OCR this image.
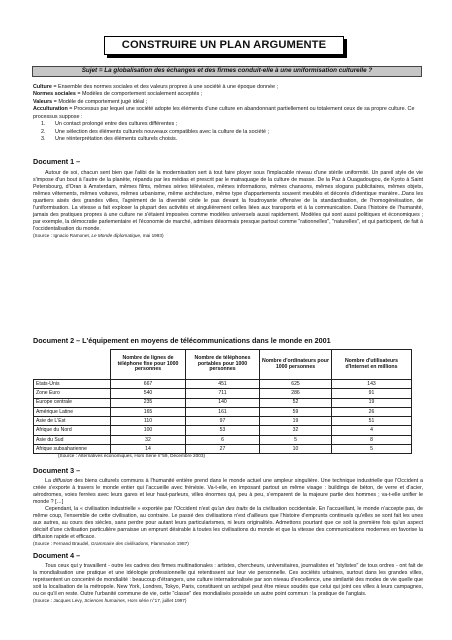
CONSTRUIRE UN PLAN ARGUMENTE
Sujet = La globalisation des échanges et des firmes conduit-elle à une uniformisation culturelle ?
Culture = Ensemble des normes sociales et des valeurs propres à une société à une époque donnée ;
Normes sociales = Modèles de comportement socialement acceptés ;
Valeurs = Modèle de comportement jugé idéal ;
Acculturation = Processus par lequel une société adopte les éléments d'une culture en abandonnant partiellement ou totalement ceux de sa propre culture. Ce processus suppose :
1. Un contact prolongé entre des cultures différentes ;
2. Une sélection des éléments culturels nouveaux compatibles avec la culture de la société ;
3. Une réinterprétation des éléments culturels choisis.
Document 1 –
Autour de soi, chacun sent bien que l'alibi de la modernisation sert à tout faire ployer sous l'implacable niveau d'une stérile uniformité. Un pareil style de vie s'impose d'un bout à l'autre de la planète, répandu par les médias et prescrit par le matraquage de la culture de masse. De la Paz à Ouagadougou, de Kyoto à Saint Petersbourg, d'Oran à Amsterdam, mêmes films, mêmes séries télévisées, mêmes informations, mêmes chansons, mêmes slogans publicitaires, mêmes objets, mêmes vêtements, mêmes voitures, mêmes urbanisme, même architecture, même type d'appartements souvent meublés et décorés d'identique manière...Dans les quartiers aisés des grandes villes, l'agrément de la diversité cède le pas devant la foudroyante offensive de la standardisation, de l'homogénéisation, de l'uniformisation. La vitesse a fait exploser la plupart des activités et singulièrement celles liées aux transports et à la communication. Dans l'histoire de l'humanité, jamais des pratiques propres à une culture ne s'étaient imposées comme modèles universels aussi rapidement. Modèles qui sont aussi politiques et économiques ; par exemple, la démocratie parlementaire et l'économie de marché, admises désormais presque partout comme "rationnelles", "naturelles", et qui participent, de fait à l'occidentalisation du monde.
(Source : Ignacio Ramonet, Le Monde diplomatique, mai 1993)
Document 2 – L'équipement en moyens de télécommunications dans le monde en 2001
	Nombre de lignes de téléphone fixe pour 1000 personnes	Nombre de téléphones portables pour 1000 personnes	Nombre d'ordinateurs pour 1000 personnes	Nombre d'utilisateurs d'Internet en millions
Etats-Unis	667	451	625	143
Zone Euro	540	711	286	91
Europe centrale	235	140	52	19
Amérique Latine	165	161	59	26
Asie de L'Est	110	97	19	51
Afrique du Nord	100	53	32	4
Asie du Sud	32	6	5	8
Afrique subsaharienne	14	27	10	5
(Source : Alternatives économiques, Hors Série n°59, Décembre 2003)
Document 3 –
La diffusion des biens culturels communs à l'humanité entière prend dans le monde actuel une ampleur singulière. Une technique industrielle que l'Occident a créée s'exporte à travers le monde entier qui l'accueille avec frénésie. Va-t-elle, en imposant partout un même visage : buildings de béton, de verre et d'acier, aérodromes, voies ferrées avec leurs gares et leur haut-parleurs, villes énormes qui, peu à peu, s'emparent de la majeure partie des hommes ; va-t-elle unifier le monde ? […]
Cependant, la « civilisation industrielle » exportée par l'Occident n'est qu'un des traits de la civilisation occidentale. En l'accueillant, le monde n'accepte pas, de même coup, l'ensemble de cette civilisation, au contraire. Le passé des civilisations n'est d'ailleurs que l'histoire d'emprunts continuels qu'elles se sont fait les unes aux autres, au cours des siècles, sans perdre pour autant leurs particularismes, ni leurs originalités. Admettons pourtant que ce soit la première fois qu'un aspect décisif d'une civilisation particulière parraisse un emprunt désirable à toutes les civilisations du monde et que la vitesse des communications modernes en favorise la diffusion rapide et efficace.
(Source : Fernand Braudel, Grammaire des civilisations, Flammarion 1987)
Document 4 –
Tous ceux qui y travaillent - outre les cadres des firmes multinationales : artistes, chercheurs, universitaires, journalistes et "stylistes" de tous ordres - ont fait de la mondialisation une pratique et une idéologie professionnelle qui retentissent sur leur vie personnelle. Ces sociétés urbaines, surtout dans les grandes villes, représentent un concentré de mondialité : beaucoup d'étrangers, une culture internationalisée par son niveau d'excellence, une similarité des modes de vie quelle que soit la localisation de la métropole. New York, Londres, Tokyo, Paris, constituent un archipel peut être mieux soudés que celui qui joint ces villes à leurs campagnes, ou ce qu'il en reste. Outre l'urbanité commune de vie, cette "classe" des mondialisés possède un autre point commun : la pratique de l'anglais.
(Source : Jacques Levy, Sciences humaines, Hors série n°17, juillet 1997)
